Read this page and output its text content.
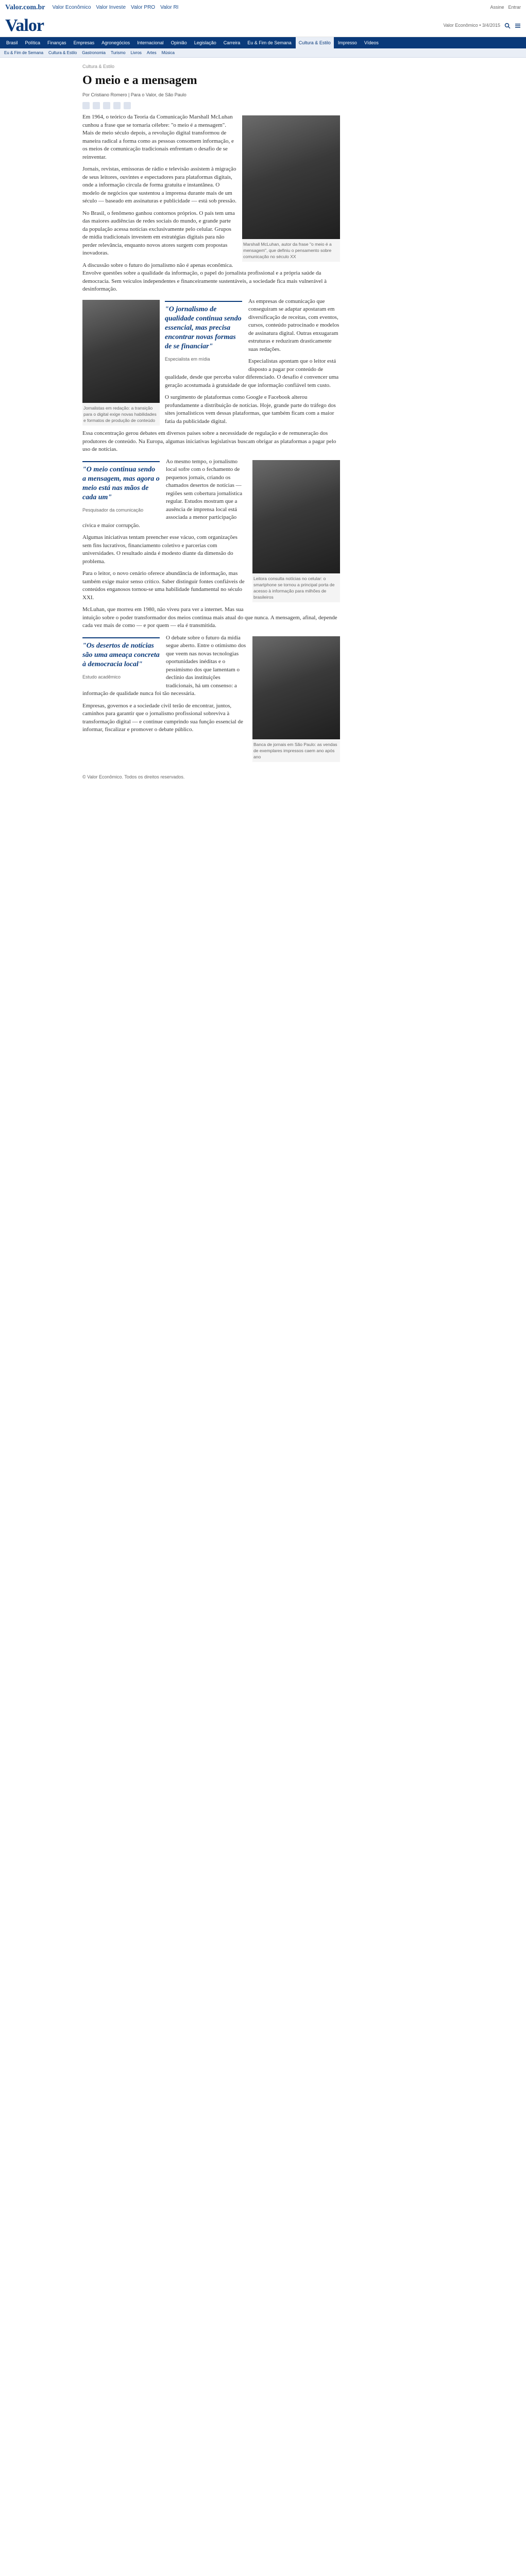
Valor.com.br Valor Econômico Valor Investe Valor PRO Valor RI	Assine Entrar
Valor	Valor Econômico • 3/4/2015
Brasil	Política	Finanças	Empresas	Agronegócios	Internacional	Opinião	Legislação	Carreira	Eu & Fim de Semana	Cultura & Estilo	Impresso	Vídeos
Eu & Fim de Semana Cultura & Estilo Gastronomia Turismo Livros Artes Música
Cultura & Estilo
O meio e a mensagem
Por Cristiano Romero | Para o Valor, de São Paulo
Marshall McLuhan, autor da frase "o meio é a mensagem", que definiu o pensamento sobre comunicação no século XX

Em 1964, o teórico da Teoria da Comunicação Marshall McLuhan cunhou a frase que se tornaria célebre: "o meio é a mensagem". Mais de meio século depois, a revolução digital transformou de maneira radical a forma como as pessoas consomem informação, e os meios de comunicação tradicionais enfrentam o desafio de se reinventar.

Jornais, revistas, emissoras de rádio e televisão assistem à migração de seus leitores, ouvintes e espectadores para plataformas digitais, onde a informação circula de forma gratuita e instantânea. O modelo de negócios que sustentou a imprensa durante mais de um século — baseado em assinaturas e publicidade — está sob pressão.

No Brasil, o fenômeno ganhou contornos próprios. O país tem uma das maiores audiências de redes sociais do mundo, e grande parte da população acessa notícias exclusivamente pelo celular. Grupos de mídia tradicionais investem em estratégias digitais para não perder relevância, enquanto novos atores surgem com propostas inovadoras.

A discussão sobre o futuro do jornalismo não é apenas econômica. Envolve questões sobre a qualidade da informação, o papel do jornalista profissional e a própria saúde da democracia. Sem veículos independentes e financeiramente sustentáveis, a sociedade fica mais vulnerável à desinformação.

Jornalistas em redação: a transição para o digital exige novas habilidades e formatos de produção de conteúdo

"O jornalismo de qualidade continua sendo essencial, mas precisa encontrar novas formas de se financiar"

Especialista em mídia

As empresas de comunicação que conseguiram se adaptar apostaram em diversificação de receitas, com eventos, cursos, conteúdo patrocinado e modelos de assinatura digital. Outras enxugaram estruturas e reduziram drasticamente suas redações.

Especialistas apontam que o leitor está disposto a pagar por conteúdo de qualidade, desde que perceba valor diferenciado. O desafio é convencer uma geração acostumada à gratuidade de que informação confiável tem custo.

O surgimento de plataformas como Google e Facebook alterou profundamente a distribuição de notícias. Hoje, grande parte do tráfego dos sites jornalísticos vem dessas plataformas, que também ficam com a maior fatia da publicidade digital.

Essa concentração gerou debates em diversos países sobre a necessidade de regulação e de remuneração dos produtores de conteúdo. Na Europa, algumas iniciativas legislativas buscam obrigar as plataformas a pagar pelo uso de notícias.

Leitora consulta notícias no celular: o smartphone se tornou a principal porta de acesso à informação para milhões de brasileiros

"O meio continua sendo a mensagem, mas agora o meio está nas mãos de cada um"

Pesquisador da comunicação

Ao mesmo tempo, o jornalismo local sofre com o fechamento de pequenos jornais, criando os chamados desertos de notícias — regiões sem cobertura jornalística regular. Estudos mostram que a ausência de imprensa local está associada a menor participação cívica e maior corrupção.

Algumas iniciativas tentam preencher esse vácuo, com organizações sem fins lucrativos, financiamento coletivo e parcerias com universidades. O resultado ainda é modesto diante da dimensão do problema.

Para o leitor, o novo cenário oferece abundância de informação, mas também exige maior senso crítico. Saber distinguir fontes confiáveis de conteúdos enganosos tornou-se uma habilidade fundamental no século XXI.

McLuhan, que morreu em 1980, não viveu para ver a internet. Mas sua intuição sobre o poder transformador dos meios continua mais atual do que nunca. A mensagem, afinal, depende cada vez mais de como — e por quem — ela é transmitida.

Banca de jornais em São Paulo: as vendas de exemplares impressos caem ano após ano

"Os desertos de notícias são uma ameaça concreta à democracia local"

Estudo acadêmico

O debate sobre o futuro da mídia segue aberto. Entre o otimismo dos que veem nas novas tecnologias oportunidades inéditas e o pessimismo dos que lamentam o declínio das instituições tradicionais, há um consenso: a informação de qualidade nunca foi tão necessária.

Empresas, governos e a sociedade civil terão de encontrar, juntos, caminhos para garantir que o jornalismo profissional sobreviva à transformação digital — e continue cumprindo sua função essencial de informar, fiscalizar e promover o debate público.

© Valor Econômico. Todos os direitos reservados.
